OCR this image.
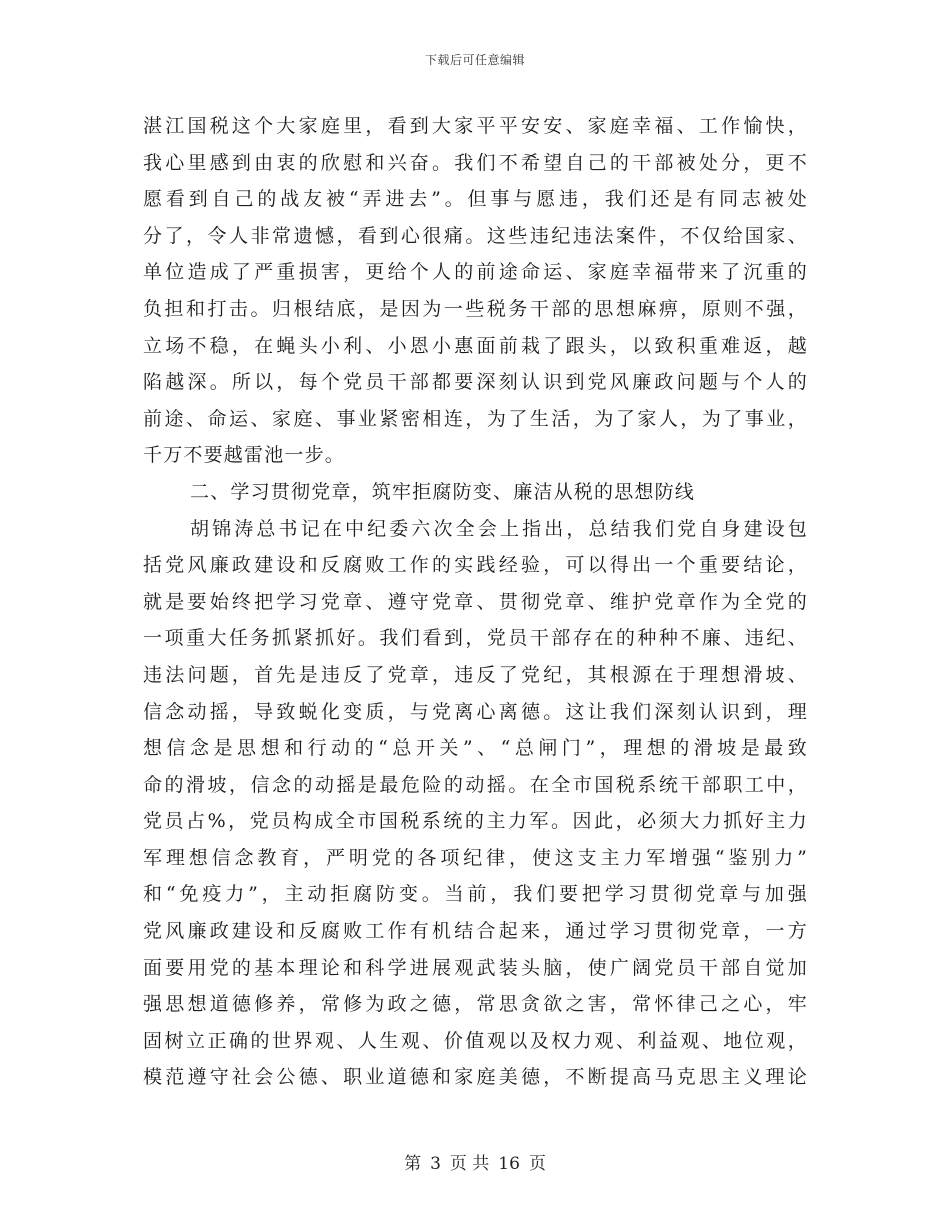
下载后可任意编辑
湛江国税这个大家庭里，看到大家平平安安、家庭幸福、工作愉快，
我心里感到由衷的欣慰和兴奋。我们不希望自己的干部被处分，更不
愿看到自己的战友被“弄进去”。但事与愿违，我们还是有同志被处
分了，令人非常遗憾，看到心很痛。这些违纪违法案件，不仅给国家、
单位造成了严重损害，更给个人的前途命运、家庭幸福带来了沉重的
负担和打击。归根结底，是因为一些税务干部的思想麻痹，原则不强，
立场不稳，在蝇头小利、小恩小惠面前栽了跟头，以致积重难返，越
陷越深。所以，每个党员干部都要深刻认识到党风廉政问题与个人的
前途、命运、家庭、事业紧密相连，为了生活，为了家人，为了事业，
千万不要越雷池一步。
二、学习贯彻党章，筑牢拒腐防变、廉洁从税的思想防线
胡锦涛总书记在中纪委六次全会上指出，总结我们党自身建设包
括党风廉政建设和反腐败工作的实践经验，可以得出一个重要结论，
就是要始终把学习党章、遵守党章、贯彻党章、维护党章作为全党的
一项重大任务抓紧抓好。我们看到，党员干部存在的种种不廉、违纪、
违法问题，首先是违反了党章，违反了党纪，其根源在于理想滑坡、
信念动摇，导致蜕化变质，与党离心离德。这让我们深刻认识到，理
想信念是思想和行动的“总开关”、“总闸门”，理想的滑坡是最致
命的滑坡，信念的动摇是最危险的动摇。在全市国税系统干部职工中，
党员占%，党员构成全市国税系统的主力军。因此，必须大力抓好主力
军理想信念教育，严明党的各项纪律，使这支主力军增强“鉴别力”
和“免疫力”，主动拒腐防变。当前，我们要把学习贯彻党章与加强
党风廉政建设和反腐败工作有机结合起来，通过学习贯彻党章，一方
面要用党的基本理论和科学进展观武装头脑，使广阔党员干部自觉加
强思想道德修养，常修为政之德，常思贪欲之害，常怀律己之心，牢
固树立正确的世界观、人生观、价值观以及权力观、利益观、地位观，
模范遵守社会公德、职业道德和家庭美德，不断提高马克思主义理论
第 3 页 共 16 页
